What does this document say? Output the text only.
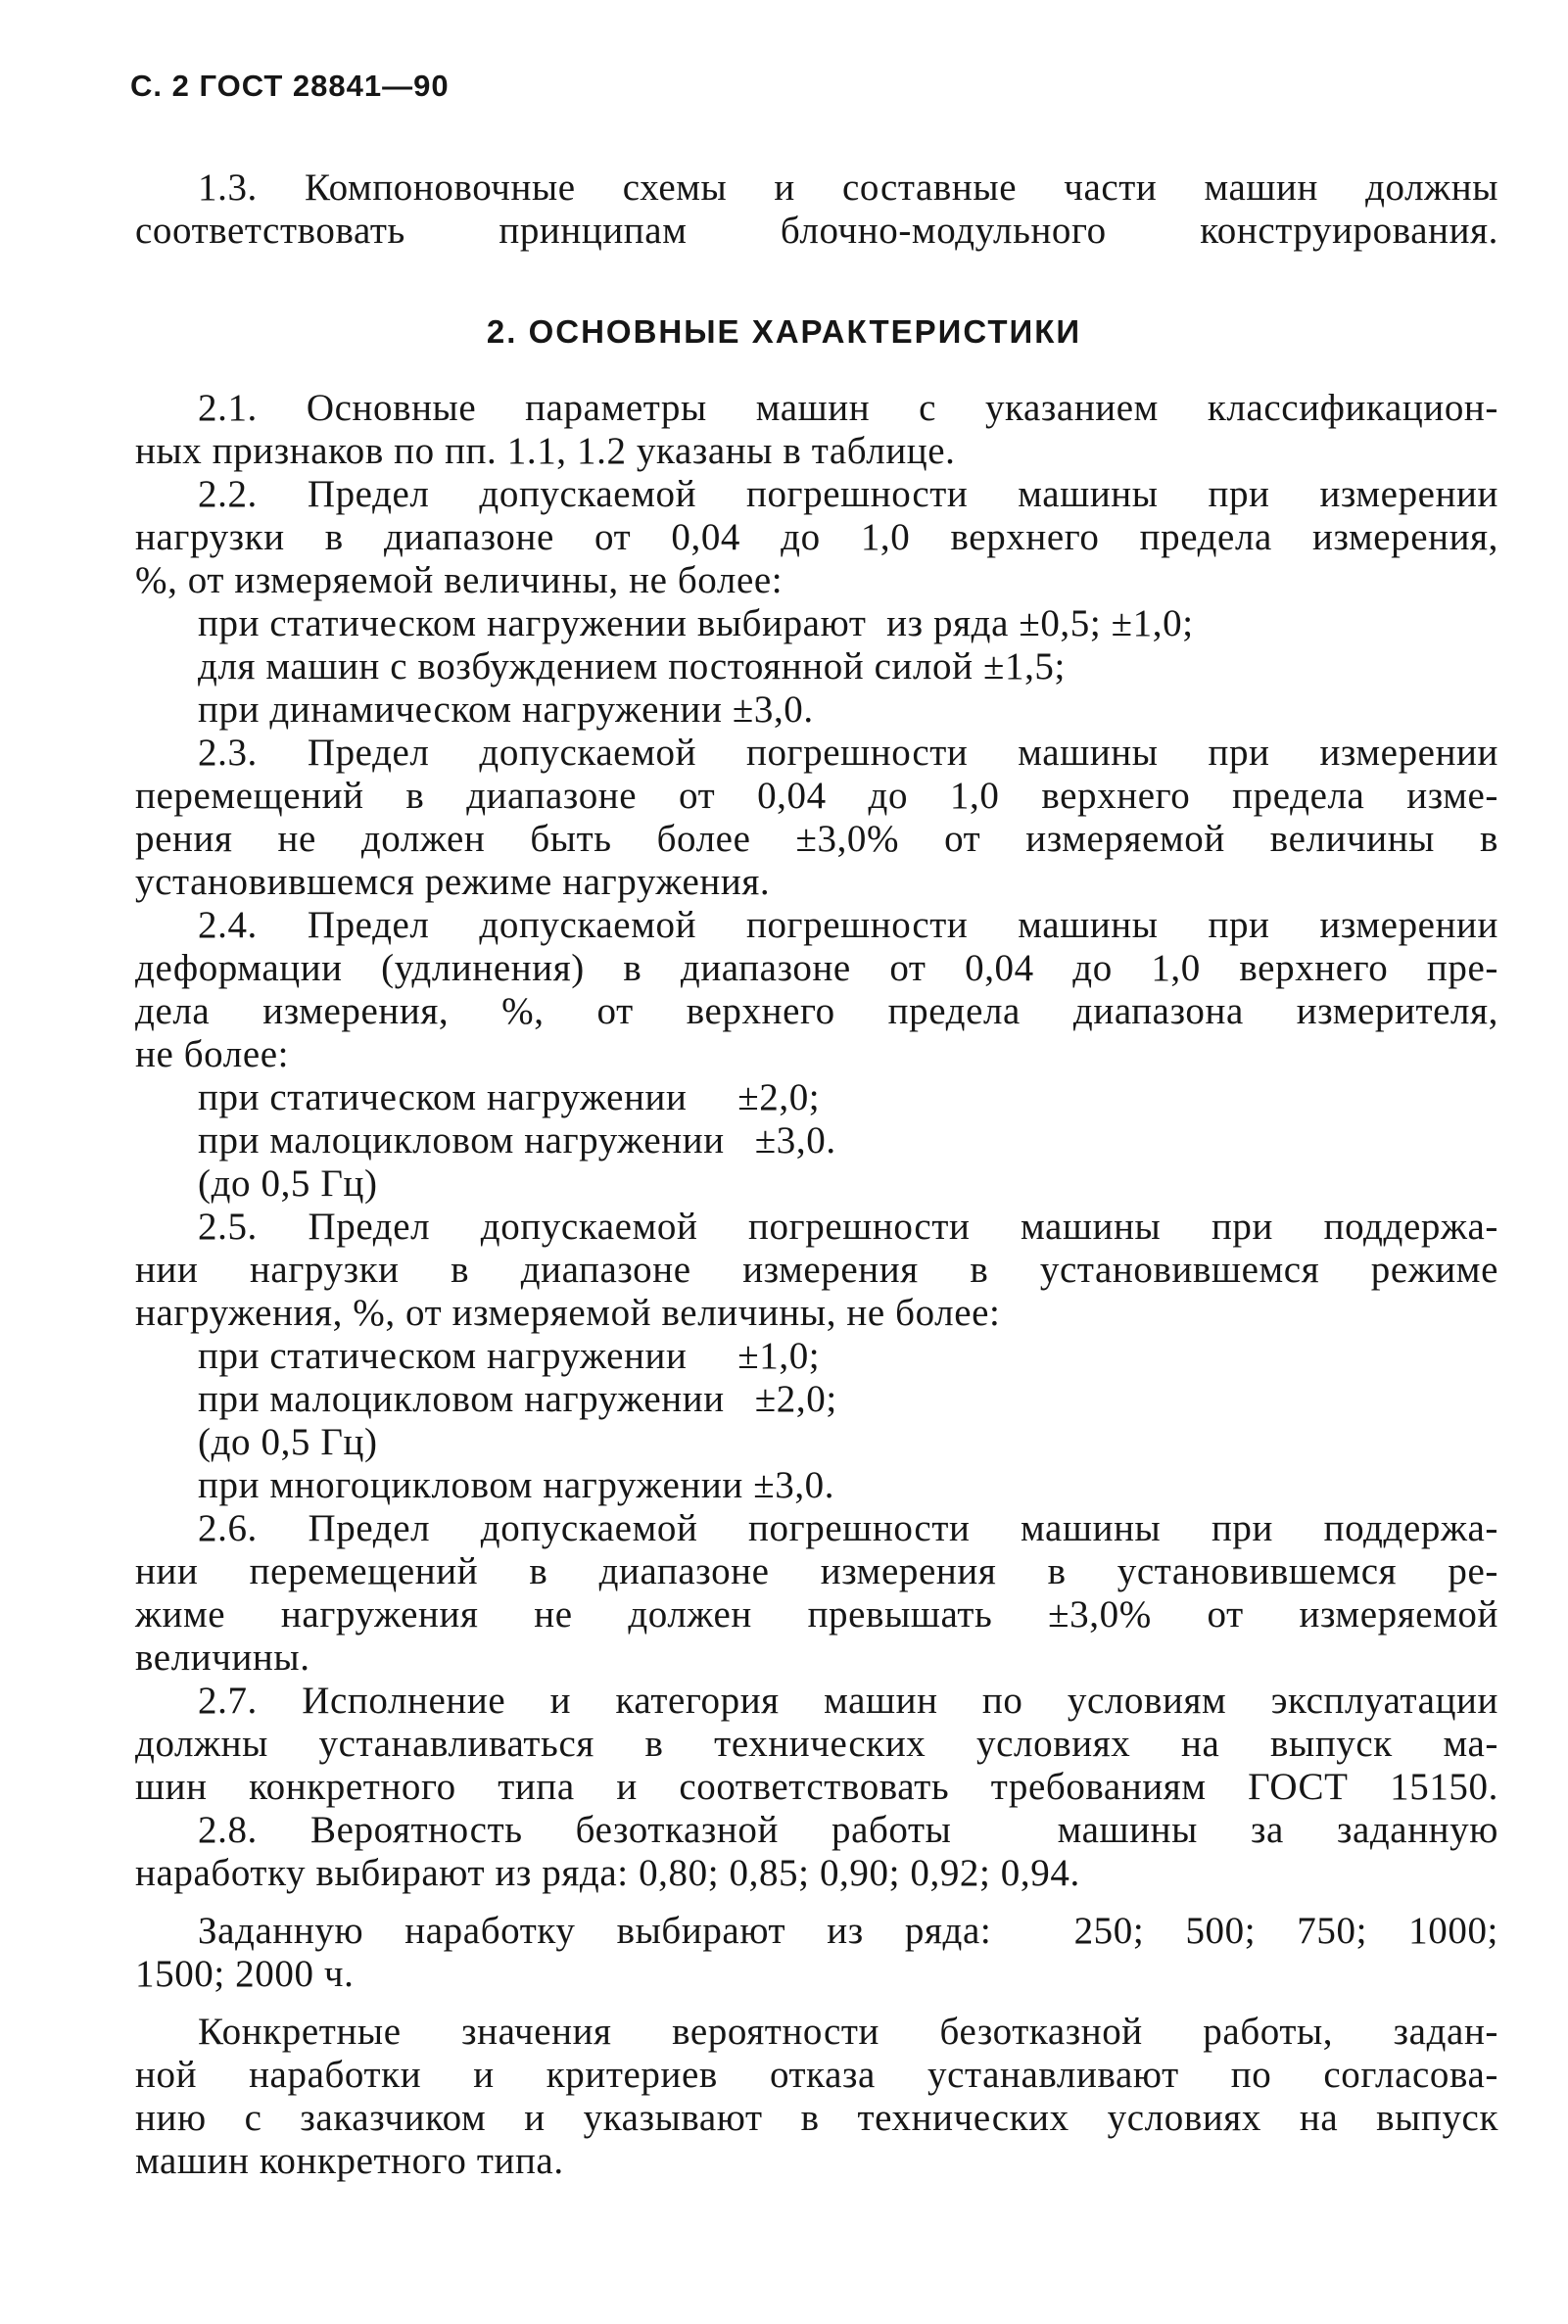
С. 2 ГОСТ 28841—90
1.3. Компоновочные схемы и составные части машин должны
соответствовать принципам блочно-модульного конструирования.
2. ОСНОВНЫЕ ХАРАКТЕРИСТИКИ
2.1. Основные параметры машин с указанием классификацион-
ных признаков по пп. 1.1, 1.2 указаны в таблице.
2.2. Предел допускаемой погрешности машины при измерении
нагрузки в диапазоне от 0,04 до 1,0 верхнего предела измерения,
%, от измеряемой величины, не более:
при статическом нагружении выбирают  из ряда ±0,5; ±1,0;
для машин с возбуждением постоянной силой ±1,5;
при динамическом нагружении ±3,0.
2.3. Предел допускаемой погрешности машины при измерении
перемещений в диапазоне от 0,04 до 1,0 верхнего предела изме-
рения не должен быть более ±3,0% от измеряемой величины в
установившемся режиме нагружения.
2.4. Предел допускаемой погрешности машины при измерении
деформации (удлинения) в диапазоне от 0,04 до 1,0 верхнего пре-
дела измерения, %, от верхнего предела диапазона измерителя,
не более:
при статическом нагружении     ±2,0;
при малоцикловом нагружении   ±3,0.
(до 0,5 Гц)
2.5. Предел допускаемой погрешности машины при поддержа-
нии нагрузки в диапазоне измерения в установившемся режиме
нагружения, %, от измеряемой величины, не более:
при статическом нагружении     ±1,0;
при малоцикловом нагружении   ±2,0;
(до 0,5 Гц)
при многоцикловом нагружении ±3,0.
2.6. Предел допускаемой погрешности машины при поддержа-
нии перемещений в диапазоне измерения в установившемся ре-
жиме нагружения не должен превышать ±3,0% от измеряемой
величины.
2.7. Исполнение и категория машин по условиям эксплуатации
должны устанавливаться в технических условиях на выпуск ма-
шин конкретного типа и соответствовать требованиям ГОСТ 15150.
2.8. Вероятность безотказной работы  машины за заданную
наработку выбирают из ряда: 0,80; 0,85; 0,90; 0,92; 0,94.
Заданную наработку выбирают из ряда:  250; 500; 750; 1000;
1500; 2000 ч.
Конкретные значения вероятности безотказной работы, задан-
ной наработки и критериев отказа устанавливают по согласова-
нию с заказчиком и указывают в технических условиях на выпуск
машин конкретного типа.
